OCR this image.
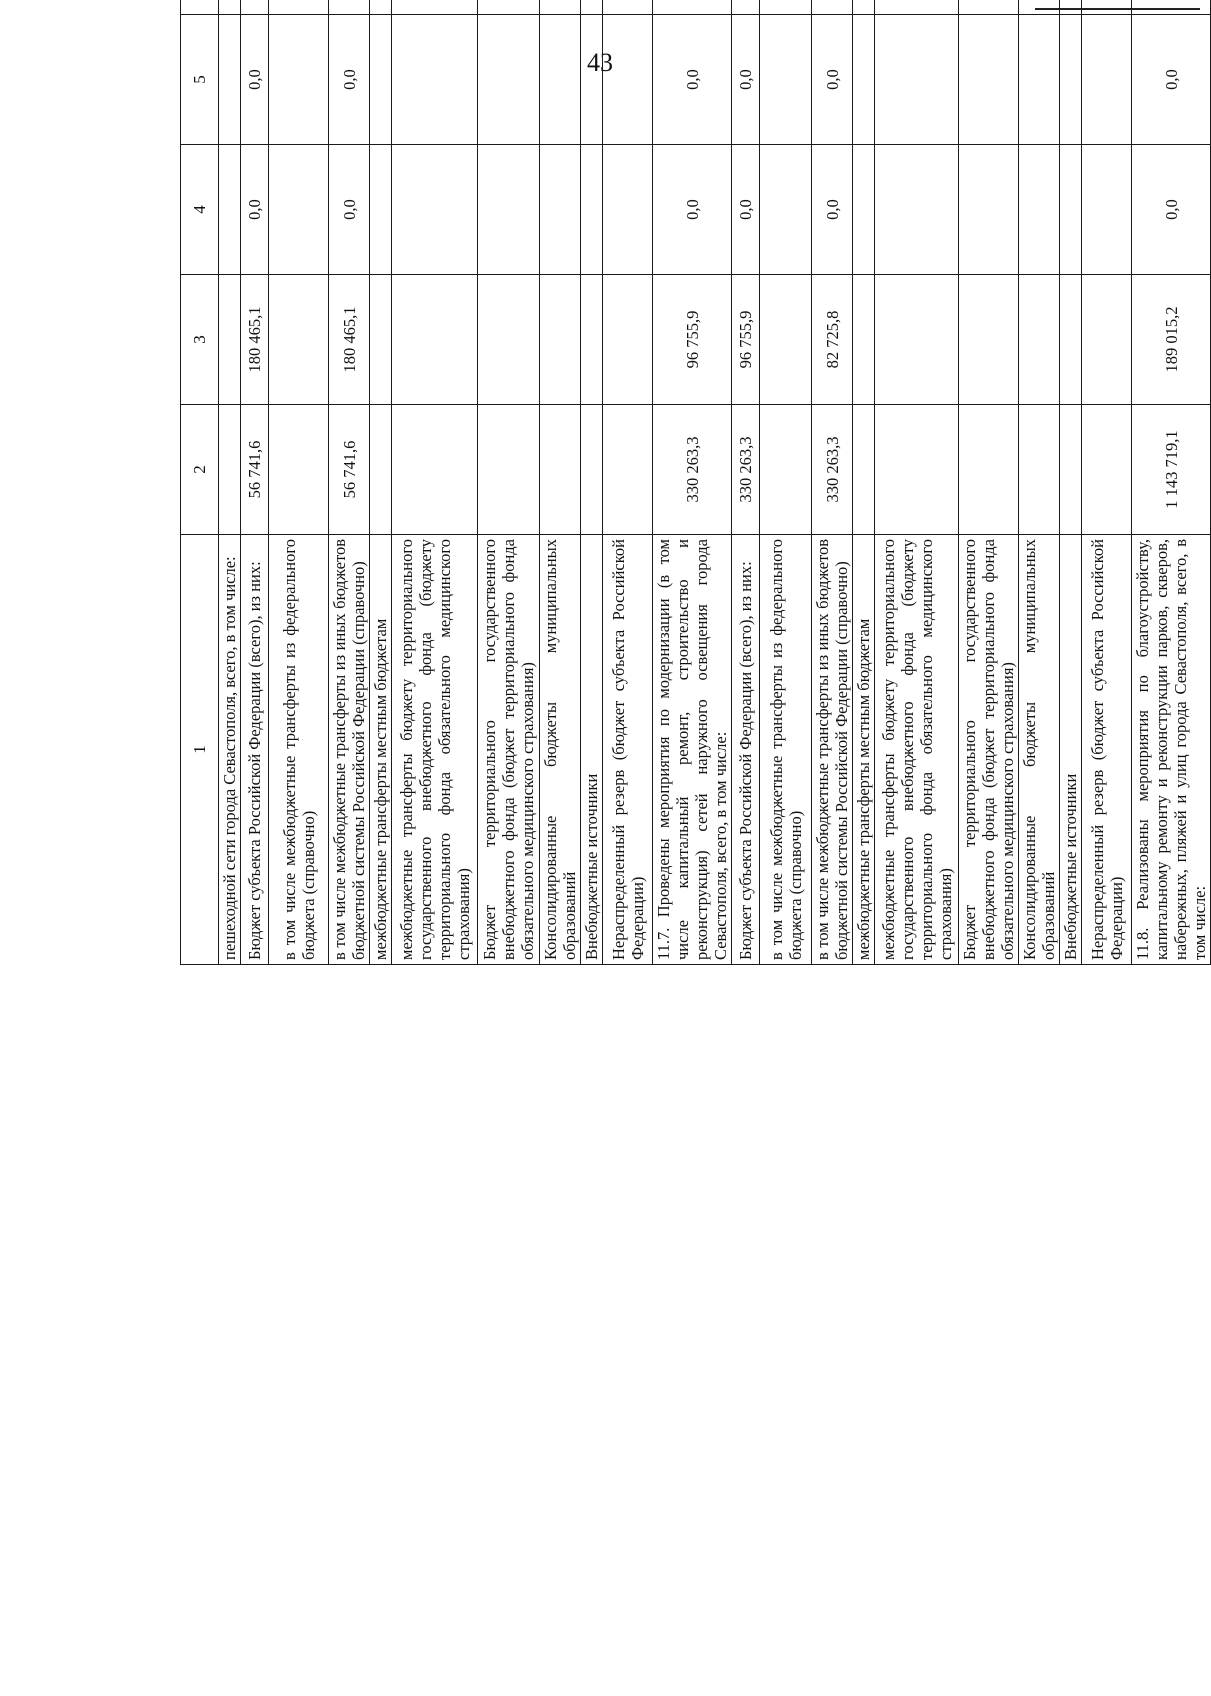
43
1	2	3	4	5				
пешеходной сети города Севастополя, всего, в том числе:								
Бюджет субъекта Российской Федерации (всего), из них:	56 741,6	180 465,1	0,0	0,0				
в том числе межбюджетные трансферты из федерального бюджета (справочно)								
в том числе межбюджетные трансферты из иных бюджетов бюджетной системы Российской Федерации (справочно)	56 741,6	180 465,1	0,0	0,0				
межбюджетные трансферты местным бюджетам								
межбюджетные трансферты бюджету территориального государственного внебюджетного фонда (бюджету территориального фонда обязательного медицинского страхования)								
Бюджет территориального государственного внебюджетного фонда (бюджет территориального фонда обязательного медицинского страхования)								
Консолидированные бюджеты муниципальных образований								
Внебюджетные источники								
Нераспределенный резерв (бюджет субъекта Российской Федерации)								
11.7. Проведены мероприятия по модернизации (в том числе капитальный ремонт, строительство и реконструкция) сетей наружного освещения города Севастополя, всего, в том числе:	330 263,3	96 755,9	0,0	0,0				
Бюджет субъекта Российской Федерации (всего), из них:	330 263,3	96 755,9	0,0	0,0				
в том числе межбюджетные трансферты из федерального бюджета (справочно)								
в том числе межбюджетные трансферты из иных бюджетов бюджетной системы Российской Федерации (справочно)	330 263,3	82 725,8	0,0	0,0				
межбюджетные трансферты местным бюджетам								
межбюджетные трансферты бюджету территориального государственного внебюджетного фонда (бюджету территориального фонда обязательного медицинского страхования)								
Бюджет территориального государственного внебюджетного фонда (бюджет территориального фонда обязательного медицинского страхования)								
Консолидированные бюджеты муниципальных образований								
Внебюджетные источники								
Нераспределенный резерв (бюджет субъекта Российской Федерации)								
11.8. Реализованы мероприятия по благоустройству, капитальному ремонту и реконструкции парков, скверов, набережных, пляжей и улиц города Севастополя, всего, в том числе:	1 143 719,1	189 015,2	0,0	0,0				
